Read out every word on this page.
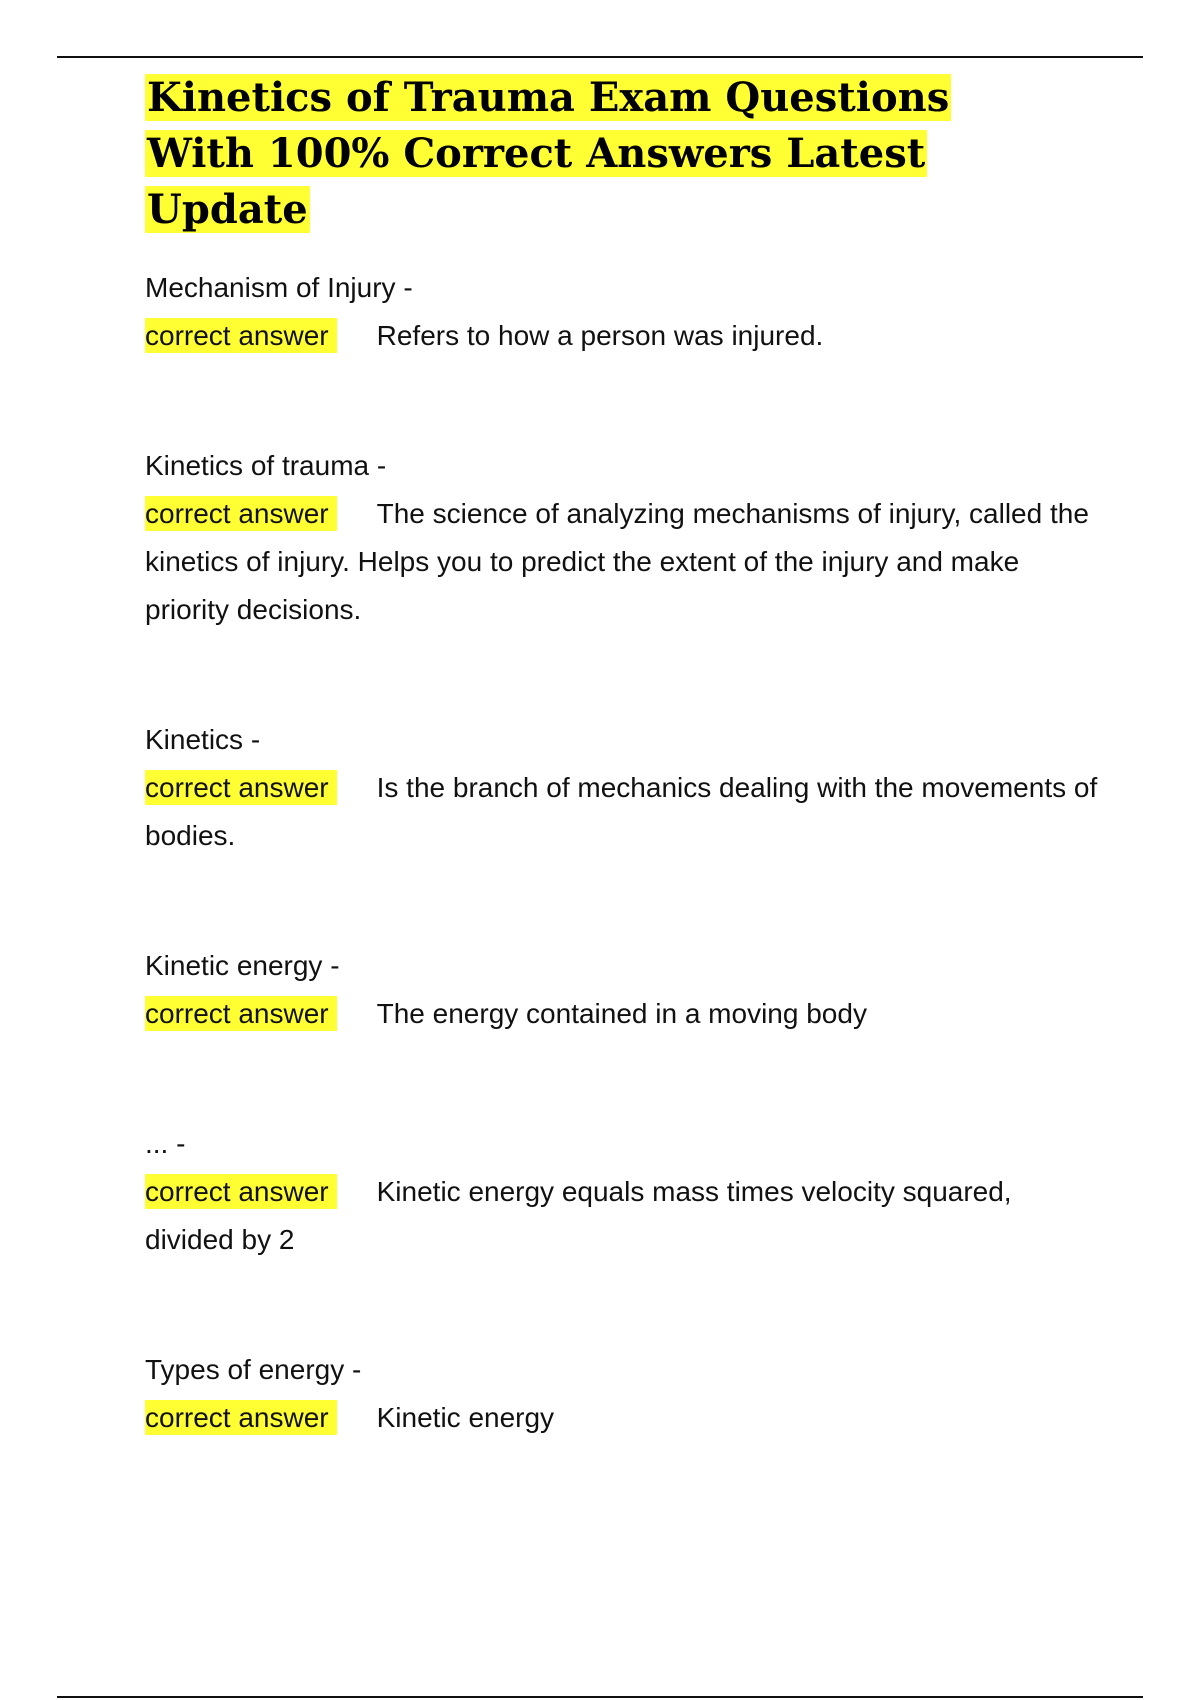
Kinetics of Trauma Exam Questions With 100% Correct Answers Latest Update
Mechanism of Injury -
correct answer Refers to how a person was injured.
Kinetics of trauma -
correct answer The science of analyzing mechanisms of injury, called the kinetics of injury. Helps you to predict the extent of the injury and make priority decisions.
Kinetics -
correct answer Is the branch of mechanics dealing with the movements of bodies.
Kinetic energy -
correct answer The energy contained in a moving body
... -
correct answer Kinetic energy equals mass times velocity squared, divided by 2
Types of energy -
correct answer Kinetic energy
